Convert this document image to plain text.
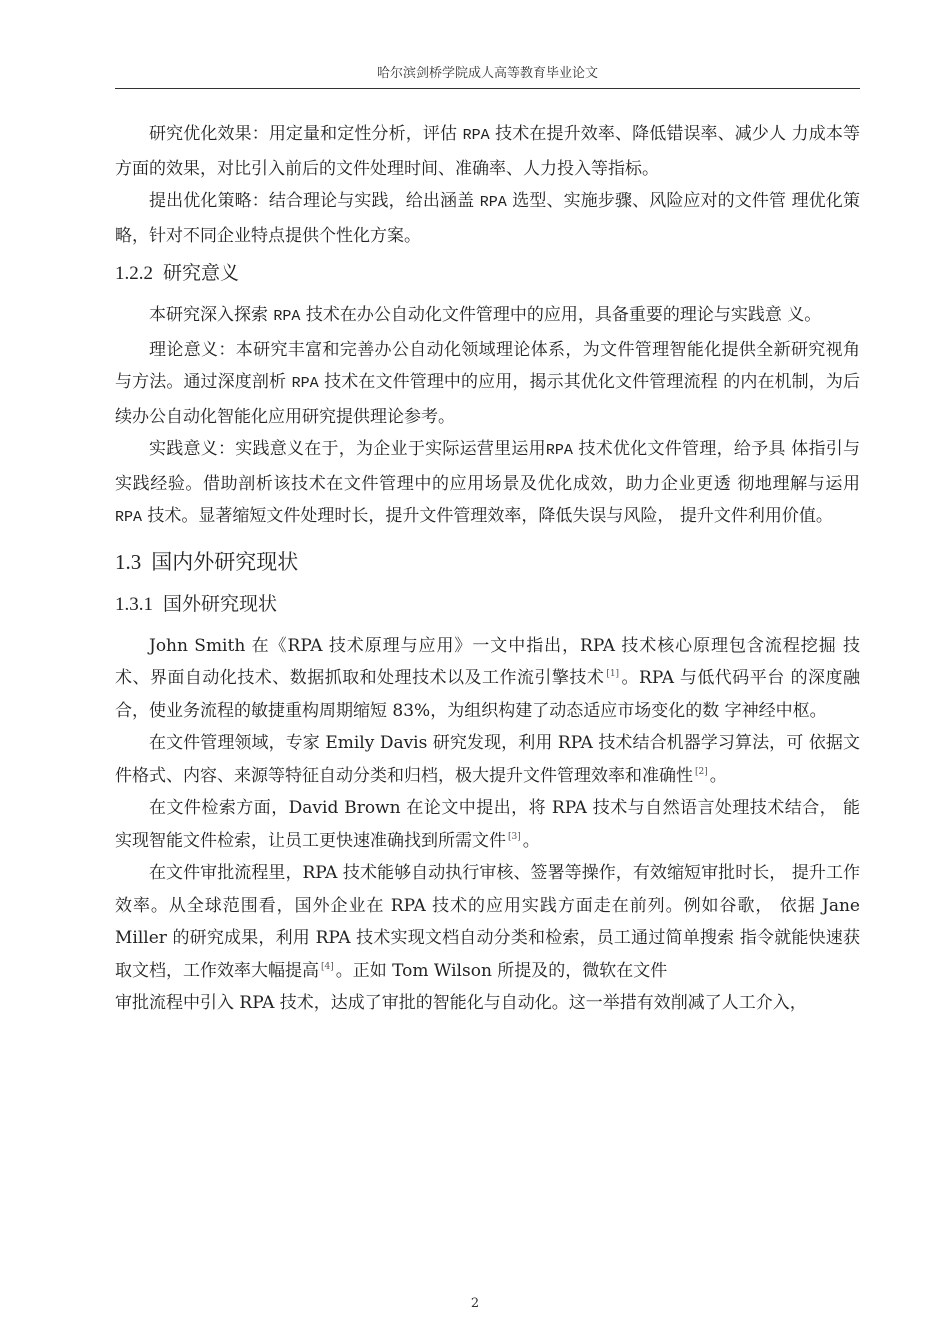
哈尔滨剑桥学院成人高等教育毕业论文

研究优化效果：用定量和定性分析，评估 RPA 技术在提升效率、降低错误率、减少人 力成本等方面的效果，对比引入前后的文件处理时间、准确率、人力投入等指标。

提出优化策略：结合理论与实践，给出涵盖 RPA 选型、实施步骤、风险应对的文件管 理优化策略，针对不同企业特点提供个性化方案。

1.2.2 研究意义

本研究深入探索 RPA 技术在办公自动化文件管理中的应用，具备重要的理论与实践意 义。

理论意义：本研究丰富和完善办公自动化领域理论体系，为文件管理智能化提供全新研究视角与方法。通过深度剖析 RPA 技术在文件管理中的应用，揭示其优化文件管理流程 的内在机制，为后续办公自动化智能化应用研究提供理论参考。

实践意义：实践意义在于，为企业于实际运营里运用RPA 技术优化文件管理，给予具 体指引与实践经验。借助剖析该技术在文件管理中的应用场景及优化成效，助力企业更透 彻地理解与运用RPA 技术。显著缩短文件处理时长，提升文件管理效率，降低失误与风险， 提升文件利用价值。

1.3 国内外研究现状
1.3.1 国外研究现状

John Smith 在《RPA 技术原理与应用》一文中指出，RPA 技术核心原理包含流程挖掘 技术、界面自动化技术、数据抓取和处理技术以及工作流引擎技术 [1] 。RPA 与低代码平台 的深度融合，使业务流程的敏捷重构周期缩短 83%，为组织构建了动态适应市场变化的数 字神经中枢。

在文件管理领域，专家 Emily Davis 研究发现，利用 RPA 技术结合机器学习算法，可 依据文件格式、内容、来源等特征自动分类和归档，极大提升文件管理效率和准确性 [2] 。

在文件检索方面，David Brown 在论文中提出，将 RPA 技术与自然语言处理技术结合， 能实现智能文件检索，让员工更快速准确找到所需文件 [3] 。

在文件审批流程里，RPA 技术能够自动执行审核、签署等操作，有效缩短审批时长， 提升工作效率。从全球范围看，国外企业在 RPA 技术的应用实践方面走在前列。例如谷歌， 依据 Jane Miller 的研究成果，利用 RPA 技术实现文档自动分类和检索，员工通过简单搜索 指令就能快速获取文档，工作效率大幅提高 [4] 。正如 Tom Wilson 所提及的，微软在文件

审批流程中引入 RPA 技术，达成了审批的智能化与自动化。这一举措有效削减了人工介入，

2
